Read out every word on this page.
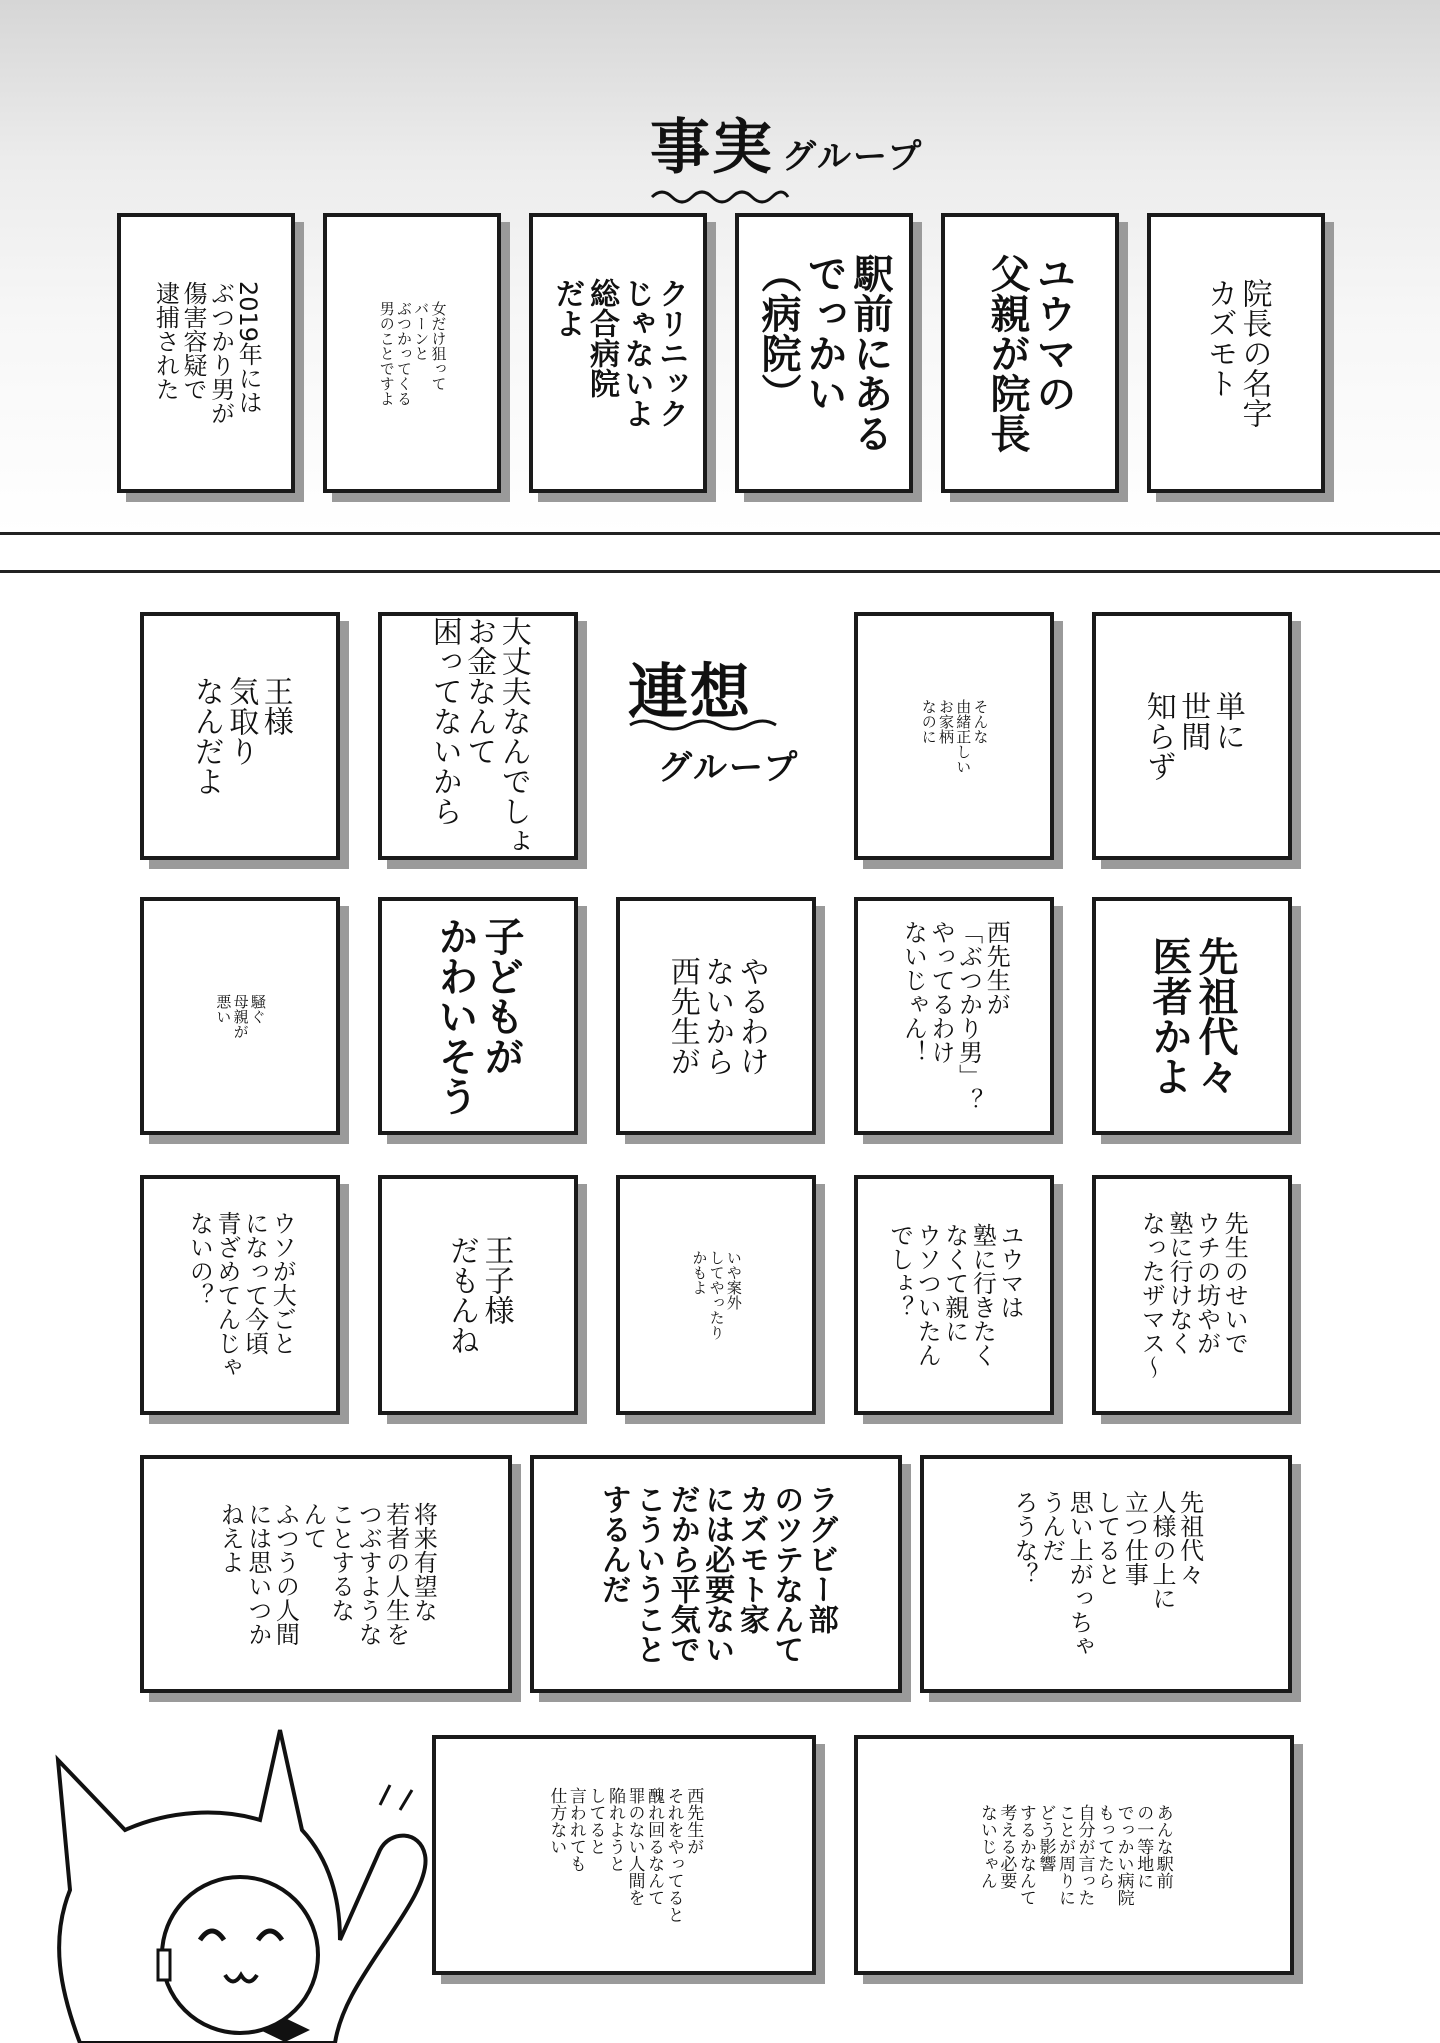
事実 グループ
2019年には
ぶつかり男が
傷害容疑で
逮捕された	女だけ狙って
バーンと
ぶつかってくる
男のことですよ	クリニック
じゃないよ
総合病院
だよ	駅前にある
でっかい
（病院）	ユウマの
父親が院長	院長の名字
カズモト
連想
グループ
王様
気取り
なんだよ	大丈夫なんでしょ
お金なんて
困ってないから	そんな
由緒正しい
お家柄
なのに	単に
世間
知らず
騒ぐ
母親が
悪い	子どもが
かわいそう	やるわけ
ないから
西先生が	西先生が
「ぶつかり男」？
やってるわけ
ないじゃん！	先祖代々
医者かよ
ウソが大ごと
になって今頃
青ざめてんじゃ
ないの？	王子様
だもんね	いや案外
してやったり
かもよ	ユウマは
塾に行きたく
なくて親に
ウソついたん
でしょ？	先生のせいで
ウチの坊やが
塾に行けなく
なったザマス～
将来有望な
若者の人生を
つぶすような
ことするな
んて
ふつうの人間
には思いつか
ねえよ	ラグビー部
のツテなんて
カズモト家
には必要ない
だから平気で
こういうこと
するんだ	先祖代々
人様の上に
立つ仕事
してると
思い上がっちゃ
うんだ
ろうな？
西先生が
それをやってると
醜れ回るなんて
罪のない人間を
陥れようと
してると
言われても
仕方ない	あんな駅前
の一等地に
でっかい病院
もってたら
自分が言った
ことが周りに
どう影響
するかなんて
考える必要
ないじゃん
